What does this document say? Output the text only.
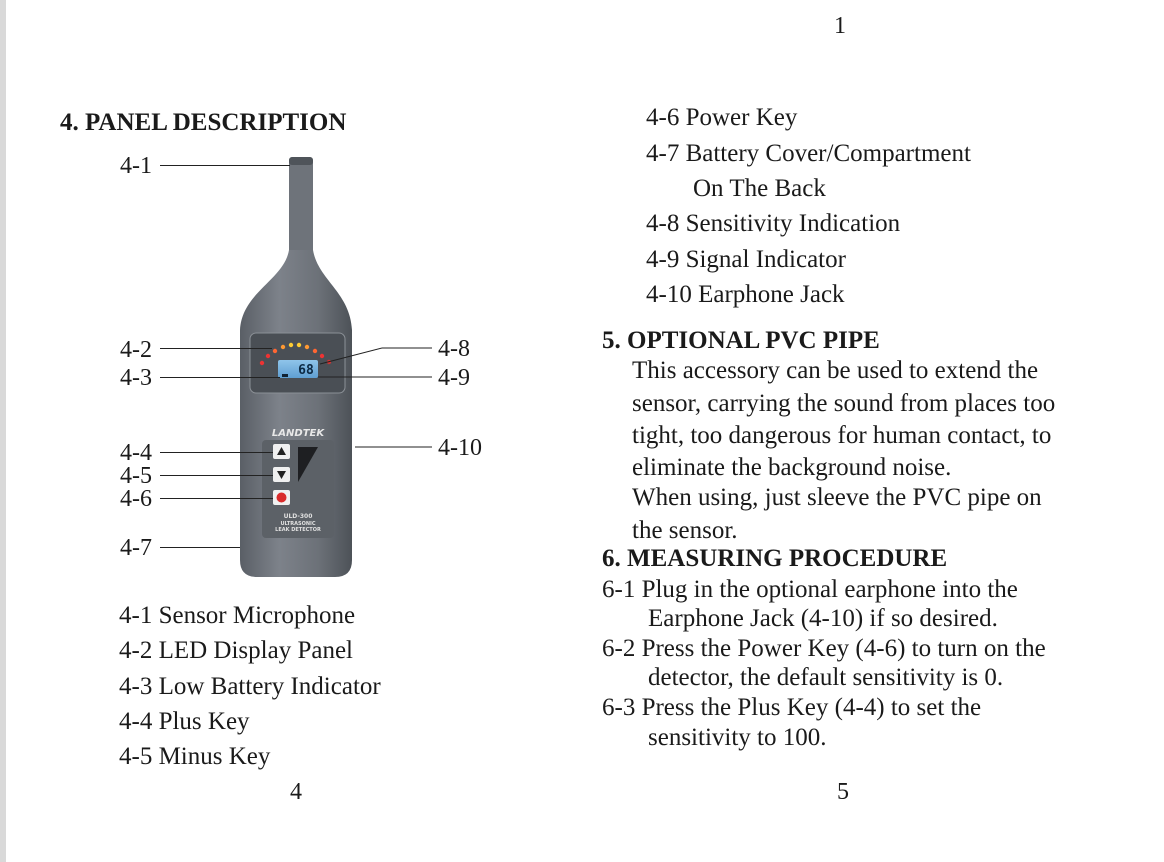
1
4	5
4. PANEL DESCRIPTION
68
LANDTEK
ULD-300
ULTRASONIC
LEAK DETECTOR
4-1
4-2
4-3
4-4
4-5
4-6
4-7
4-8
4-9
4-10
4-1 Sensor Microphone
4-2 LED Display Panel
4-3 Low Battery Indicator
4-4 Plus Key
4-5 Minus Key
4-6 Power Key
4-7 Battery Cover/Compartment
On The Back
4-8 Sensitivity Indication
4-9 Signal Indicator
4-10 Earphone Jack
5. OPTIONAL PVC PIPE
This accessory can be used to extend the
sensor, carrying the sound from places too
tight, too dangerous for human contact, to
eliminate the background noise.
When using, just sleeve the PVC pipe on
the sensor.
6. MEASURING PROCEDURE
6-1 Plug in the optional earphone into the
Earphone Jack (4-10) if so desired.
6-2 Press the Power Key (4-6) to turn on the
detector, the default sensitivity is 0.
6-3 Press the Plus Key (4-4) to set the
sensitivity to 100.
